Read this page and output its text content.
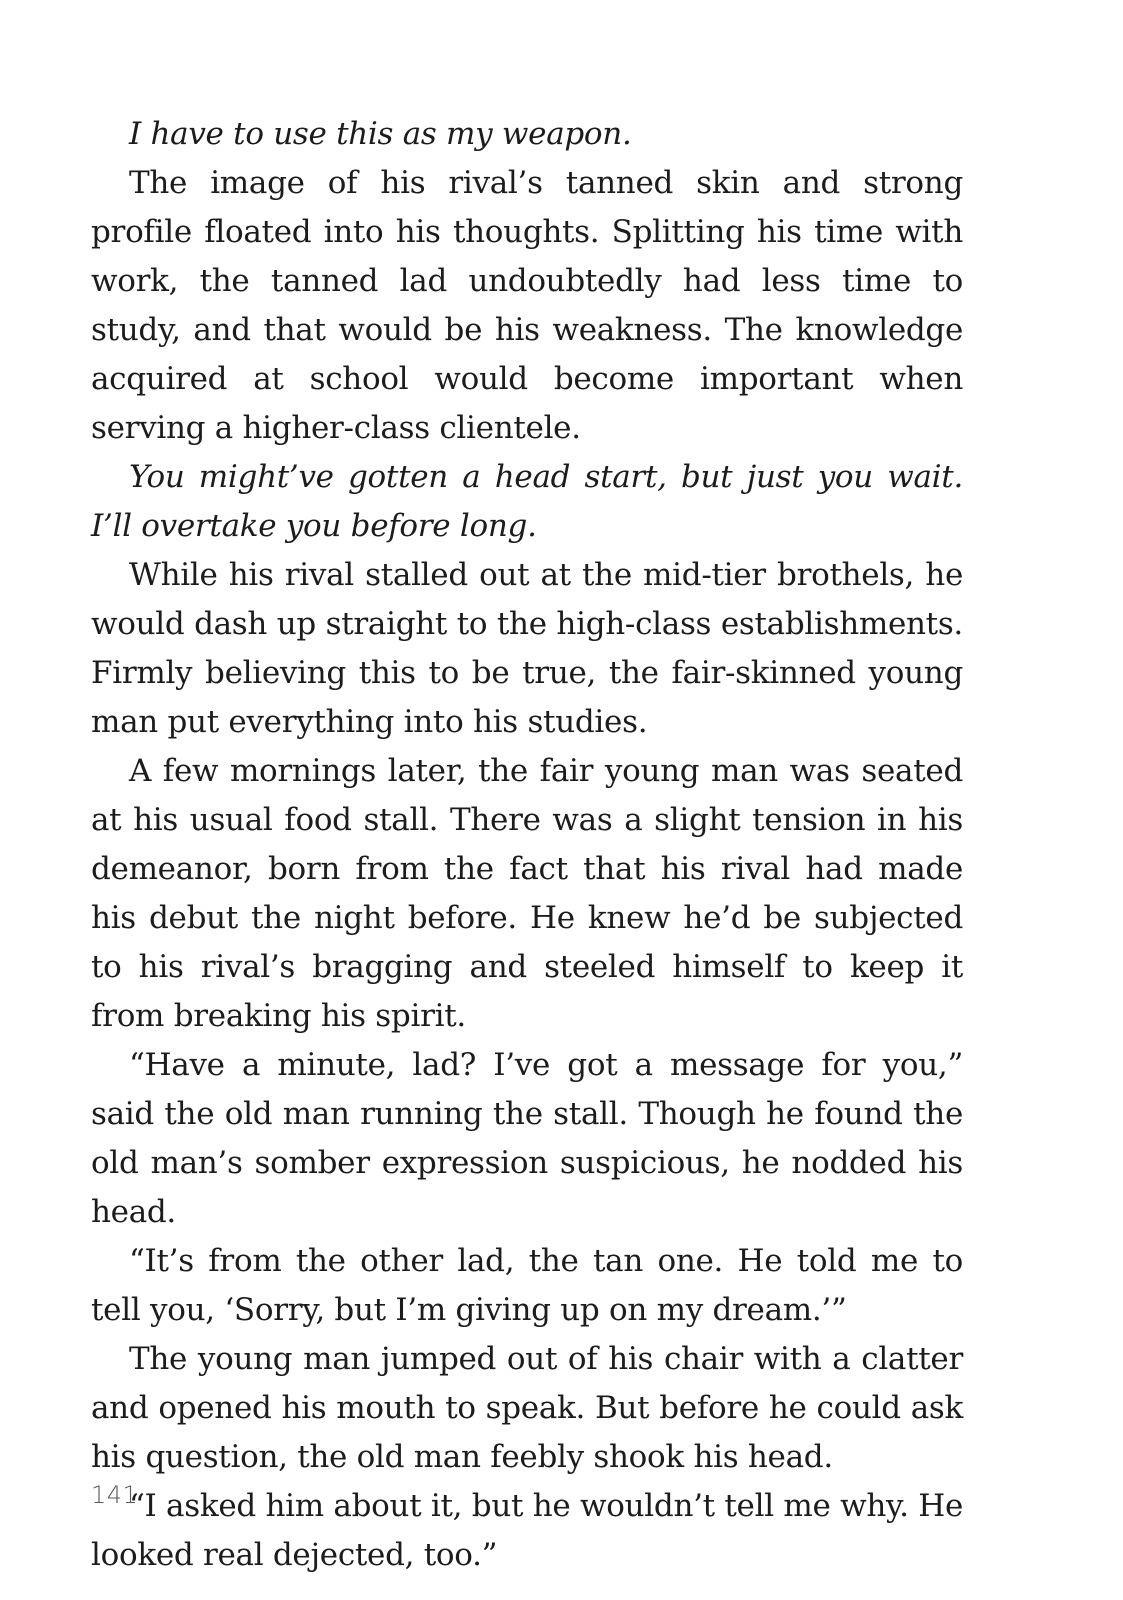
I have to use this as my weapon.

The image of his rival’s tanned skin and strong profile floated into his thoughts. Splitting his time with work, the tanned lad undoubtedly had less time to study, and that would be his weakness. The knowledge acquired at school would become important when serving a higher-class clientele.

You might’ve gotten a head start, but just you wait. I’ll overtake you before long.

While his rival stalled out at the mid-tier brothels, he would dash up straight to the high-class establishments. Firmly believing this to be true, the fair-skinned young man put everything into his studies.

A few mornings later, the fair young man was seated at his usual food stall. There was a slight tension in his demeanor, born from the fact that his rival had made his debut the night before. He knew he’d be subjected to his rival’s bragging and steeled himself to keep it from breaking his spirit.

“Have a minute, lad? I’ve got a message for you,” said the old man running the stall. Though he found the old man’s somber expression suspicious, he nodded his head.

“It’s from the other lad, the tan one. He told me to tell you, ‘Sorry, but I’m giving up on my dream.’”

The young man jumped out of his chair with a clatter and opened his mouth to speak. But before he could ask his question, the old man feebly shook his head.

“I asked him about it, but he wouldn’t tell me why. He looked real dejected, too.”

141
